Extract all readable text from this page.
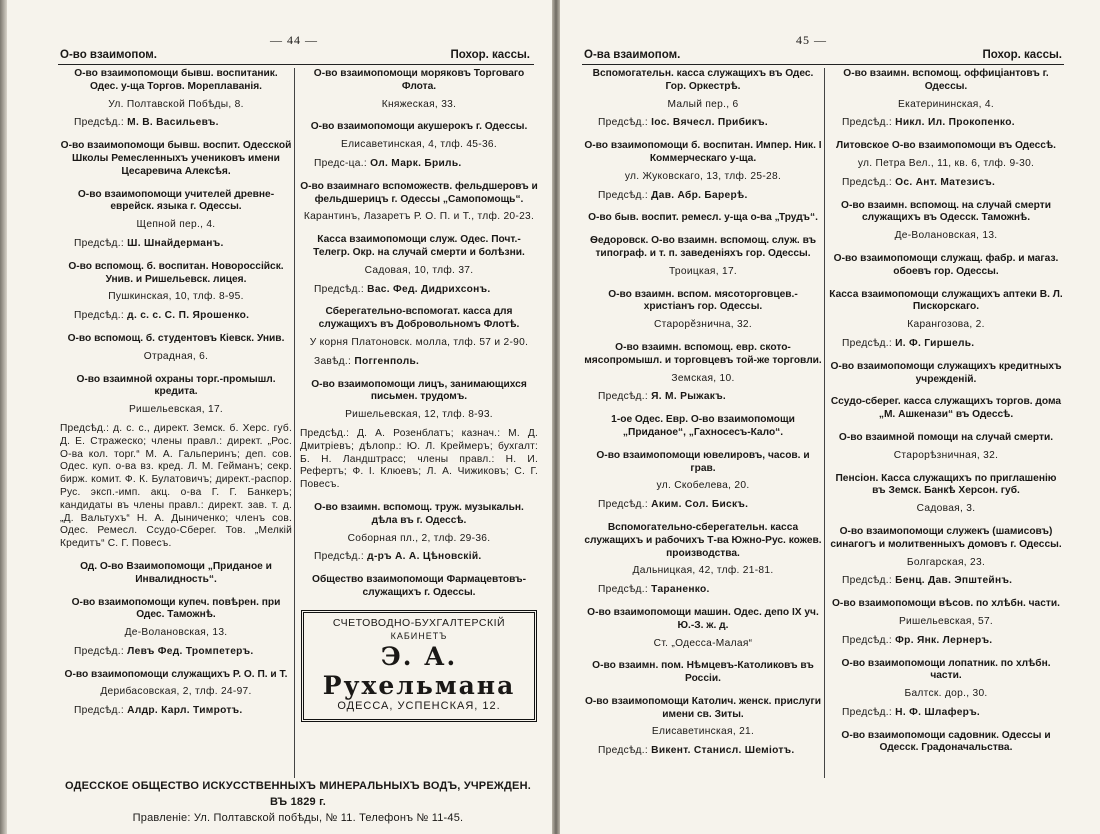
— 44 —
О-во взаимопом.	Похор. кассы.
О-во взаимопомощи бывш. воспитаник. Одес. у-ща Торгов. Мореплаванія.
Ул. Полтавской Побѣды, 8.
Предсѣд.: М. В. Васильевъ.
О-во взаимопомощи бывш. воспит. Одесской Школы Ремесленныхъ учениковъ имени Цесаревича Алексѣя.
О-во взаимопомощи учителей древне-еврейск. языка г. Одессы.
Щепной пер., 4.
Предсѣд.: Ш. Шнайдерманъ.
О-во вспомощ. б. воспитан. Новороссійск. Унив. и Ришельевск. лицея.
Пушкинская, 10, тлф. 8-95.
Предсѣд.: д. с. с. С. П. Ярошенко.
О-во вспомощ. б. студентовъ Кіевск. Унив.
Отрадная, 6.
О-во взаимной охраны торг.-промышл. кредита.
Ришельевская, 17.
Предсѣд.: д. с. с., директ. Земск. б. Херс. губ. Д. Е. Стражеско; члены правл.: директ. „Рос. О-ва кол. торг.“ М. А. Гальперинъ; деп. сов. Одес. куп. о-ва вз. кред. Л. М. Гейманъ; секр. бирж. комит. Ф. К. Булатовичъ; директ.-распор. Рус. эксп.-имп. акц. о-ва Г. Г. Банкеръ; кандидаты въ члены правл.: директ. зав. т. д. „Д. Вальтухъ“ Н. А. Дыниченко; членъ сов. Одес. Ремесл. Ссудо-Сберег. Тов. „Мелкій Кредитъ“ С. Г. Повесъ.
Од. О-во Взаимопомощи „Приданое и Инвалидность“.
О-во взаимопомощи купеч. повѣрен. при Одес. Таможнѣ.
Де-Волановская, 13.
Предсѣд.: Левъ Фед. Тромпетеръ.
О-во взаимопомощи служащихъ Р. О. П. и Т.
Дерибасовская, 2, тлф. 24-97.
Предсѣд.: Алдр. Карл. Тимротъ.
О-во взаимопомощи моряковъ Торговаго Флота.
Княжеская, 33.
О-во взаимопомощи акушерокъ г. Одессы.
Елисаветинская, 4, тлф. 45-36.
Предс-ца.: Ол. Марк. Бриль.
О-во взаимнаго вспоможеств. фельдшеровъ и фельдшерицъ г. Одессы „Самопомощь“.
Карантинъ, Лазаретъ Р. О. П. и Т., тлф. 20-23.
Касса взаимопомощи служ. Одес. Почт.-Телегр. Окр. на случай смерти и болѣзни.
Садовая, 10, тлф. 37.
Предсѣд.: Вас. Фед. Дидрихсонъ.
Сберегательно-вспомогат. касса для служащихъ въ Добровольномъ Флотѣ.
У корня Платоновск. молла, тлф. 57 и 2-90.
Завѣд.: Поггенполь.
О-во взаимопомощи лицъ, занимающихся письмен. трудомъ.
Ришельевская, 12, тлф. 8-93.
Предсѣд.: Д. А. Розенблатъ; казнач.: М. Д. Дмитріевъ; дѣлопр.: Ю. Л. Креймеръ; бухгалт: Б. Н. Ландштрасс; члены правл.: Н. И. Рефертъ; Ф. І. Клюевъ; Л. А. Чижиковъ; С. Г. Повесъ.
О-во взаимн. вспомощ. труж. музыкальн. дѣла въ г. Одессѣ.
Соборная пл., 2, тлф. 29-36.
Предсѣд.: д-ръ А. А. Цѣновскій.
Общество взаимопомощи Фармацевтовъ-служащихъ г. Одессы.
СЧЕТОВОДНО-БУХГАЛТЕРСКІЙ
КАБИНЕТЪ
Э. А. Рухельмана
ОДЕССА, УСПЕНСКАЯ, 12.
ОДЕССКОЕ ОБЩЕСТВО ИСКУССТВЕННЫХЪ МИНЕРАЛЬНЫХЪ ВОДЪ, УЧРЕЖДЕН. ВЪ 1829 г.
Правленіе: Ул. Полтавской побѣды, № 11. Телефонъ № 11-45.
45 —
О-ва взаимопом.	Похор. кассы.
Вспомогательн. касса служащихъ въ Одес. Гор. Оркестрѣ.
Малый пер., 6
Предсѣд.: Іос. Вячесл. Прибикъ.
О-во взаимопомощи б. воспитан. Импер. Ник. I Коммерческаго у-ща.
ул. Жуковскаго, 13, тлф. 25-28.
Предсѣд.: Дав. Абр. Барерѣ.
О-во быв. воспит. ремесл. у-ща о-ва „Трудъ“.
Ѳедоровск. О-во взаимн. вспомощ. служ. въ типограф. и т. п. заведеніяхъ гор. Одессы.
Троицкая, 17.
О-во взаимн. вспом. мясоторговцев.-христіанъ гор. Одессы.
Старорӗзнична, 32.
О-во взаимн. вспомощ. евр. ското-мясопромышл. и торговцевъ той-же торговли.
Земская, 10.
Предсѣд.: Я. М. Рыжакъ.
1-ое Одес. Евр. О-во взаимопомощи „Приданое“, „Гахносесъ-Кало“.
О-во взаимопомощи ювелировъ, часов. и грав.
ул. Скобелева, 20.
Предсѣд.: Аким. Сол. Бискъ.
Вспомогательно-сберегательн. касса служащихъ и рабочихъ Т-ва Южно-Рус. кожев. производства.
Дальницкая, 42, тлф. 21-81.
Предсѣд.: Тараненко.
О-во взаимопомощи машин. Одес. депо IX уч. Ю.-З. ж. д.
Ст. „Одесса-Малая“
О-во взаимн. пом. Нѣмцевъ-Католиковъ въ Россіи.
О-во взаимопомощи Католич. женск. прислуги имени св. Зиты.
Елисаветинская, 21.
Предсѣд.: Викент. Станисл. Шеміотъ.
О-во взаимн. вспомощ. оффиціантовъ г. Одессы.
Екатерининская, 4.
Предсѣд.: Никл. Ил. Прокопенко.
Литовское О-во взаимопомощи въ Одессѣ.
ул. Петра Вел., 11, кв. 6, тлф. 9-30.
Предсѣд.: Ос. Ант. Матезисъ.
О-во взаимн. вспомощ. на случай смерти служащихъ въ Одесск. Таможнѣ.
Де-Волановская, 13.
О-во взаимопомощи служащ. фабр. и магаз. обоевъ гор. Одессы.
Касса взаимопомощи служащихъ аптеки В. Л. Пискорскаго.
Карангозова, 2.
Предсѣд.: И. Ф. Гиршель.
О-во взаимопомощи служащихъ кредитныхъ учрежденій.
Ссудо-сберег. касса служащихъ торгов. дома „М. Ашкенази“ въ Одессѣ.
О-во взаимной помощи на случай смерти.
Старорѣзничная, 32.
Пенсіон. Касса служащихъ по приглашенію въ Земск. Банкѣ Херсон. губ.
Садовая, 3.
О-во взаимопомощи служекъ (шамисовъ) синагогъ и молитвенныхъ домовъ г. Одессы.
Болгарская, 23.
Предсѣд.: Бенц. Дав. Эпштейнъ.
О-во взаимопомощи вѣсов. по хлѣбн. части.
Ришельевская, 57.
Предсѣд.: Фр. Янк. Лернеръ.
О-во взаимопомощи лопатник. по хлѣбн. части.
Балтск. дор., 30.
Предсѣд.: Н. Ф. Шлаферъ.
О-во взаимопомощи садовник. Одессы и Одесск. Градоначальства.
